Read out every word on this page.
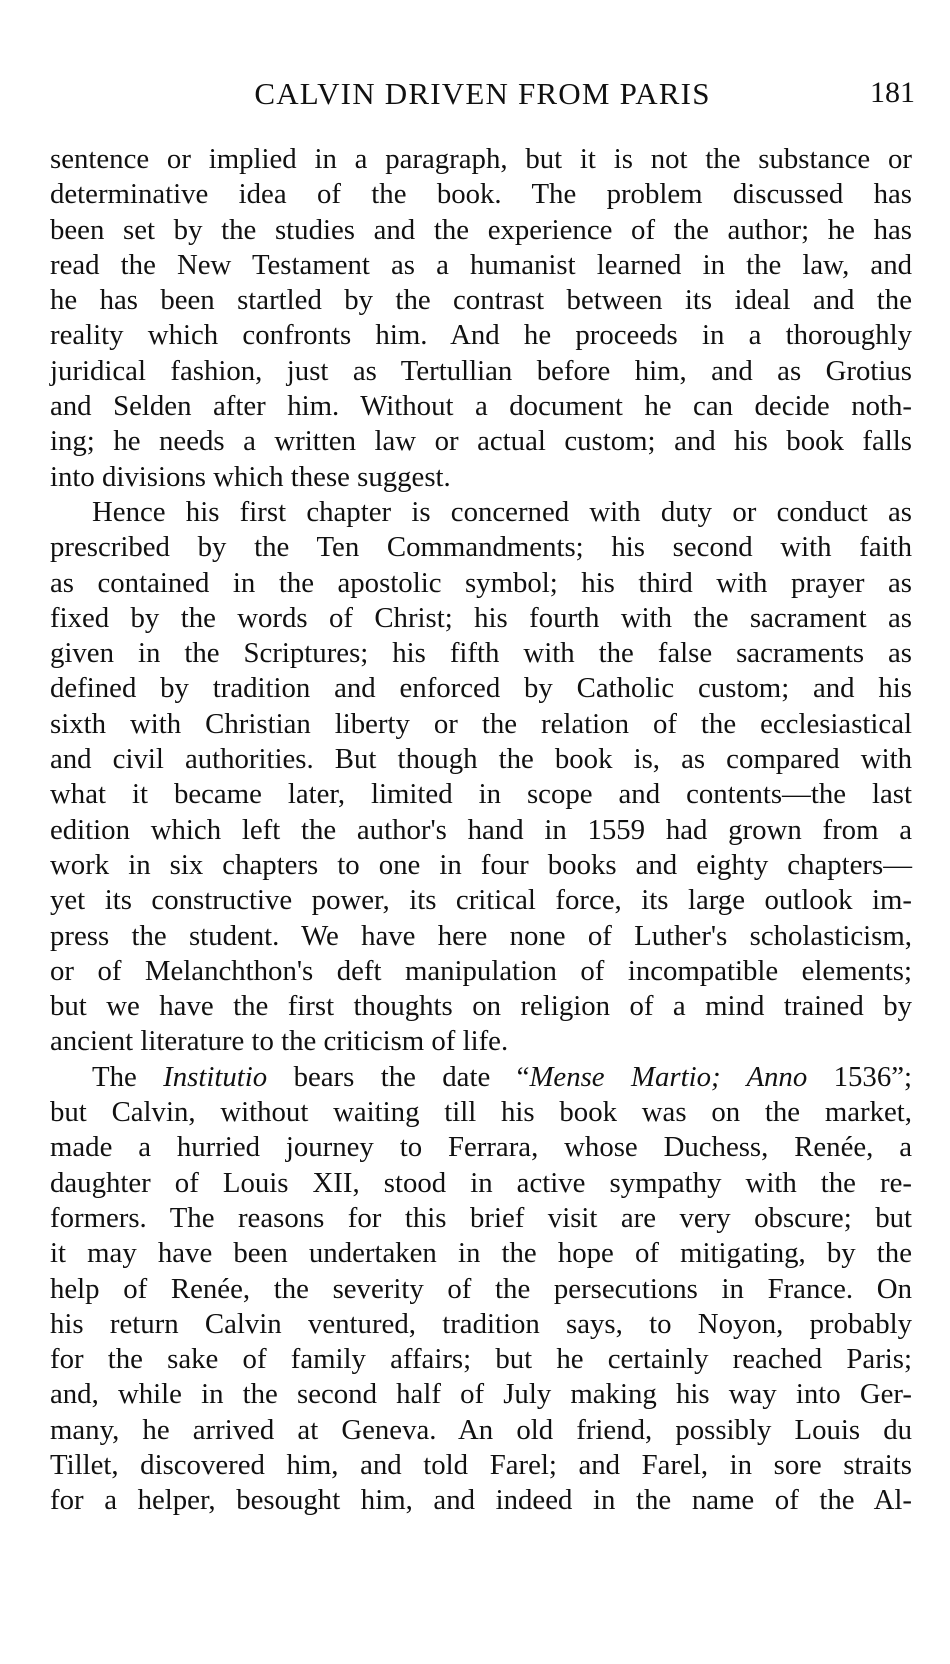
CALVIN DRIVEN FROM PARIS	181
sentence or implied in a paragraph, but it is not the substance or
determinative idea of the book. The problem discussed has
been set by the studies and the experience of the author; he has
read the New Testament as a humanist learned in the law, and
he has been startled by the contrast between its ideal and the
reality which confronts him. And he proceeds in a thoroughly
juridical fashion, just as Tertullian before him, and as Grotius
and Selden after him. Without a document he can decide noth-
ing; he needs a written law or actual custom; and his book falls
into divisions which these suggest.
Hence his first chapter is concerned with duty or conduct as
prescribed by the Ten Commandments; his second with faith
as contained in the apostolic symbol; his third with prayer as
fixed by the words of Christ; his fourth with the sacrament as
given in the Scriptures; his fifth with the false sacraments as
defined by tradition and enforced by Catholic custom; and his
sixth with Christian liberty or the relation of the ecclesiastical
and civil authorities. But though the book is, as compared with
what it became later, limited in scope and contents—the last
edition which left the author's hand in 1559 had grown from a
work in six chapters to one in four books and eighty chapters—
yet its constructive power, its critical force, its large outlook im-
press the student. We have here none of Luther's scholasticism,
or of Melanchthon's deft manipulation of incompatible elements;
but we have the first thoughts on religion of a mind trained by
ancient literature to the criticism of life.
The Institutio bears the date “Mense Martio; Anno 1536”;
but Calvin, without waiting till his book was on the market,
made a hurried journey to Ferrara, whose Duchess, Renée, a
daughter of Louis XII, stood in active sympathy with the re-
formers. The reasons for this brief visit are very obscure; but
it may have been undertaken in the hope of mitigating, by the
help of Renée, the severity of the persecutions in France. On
his return Calvin ventured, tradition says, to Noyon, probably
for the sake of family affairs; but he certainly reached Paris;
and, while in the second half of July making his way into Ger-
many, he arrived at Geneva. An old friend, possibly Louis du
Tillet, discovered him, and told Farel; and Farel, in sore straits
for a helper, besought him, and indeed in the name of the Al-
